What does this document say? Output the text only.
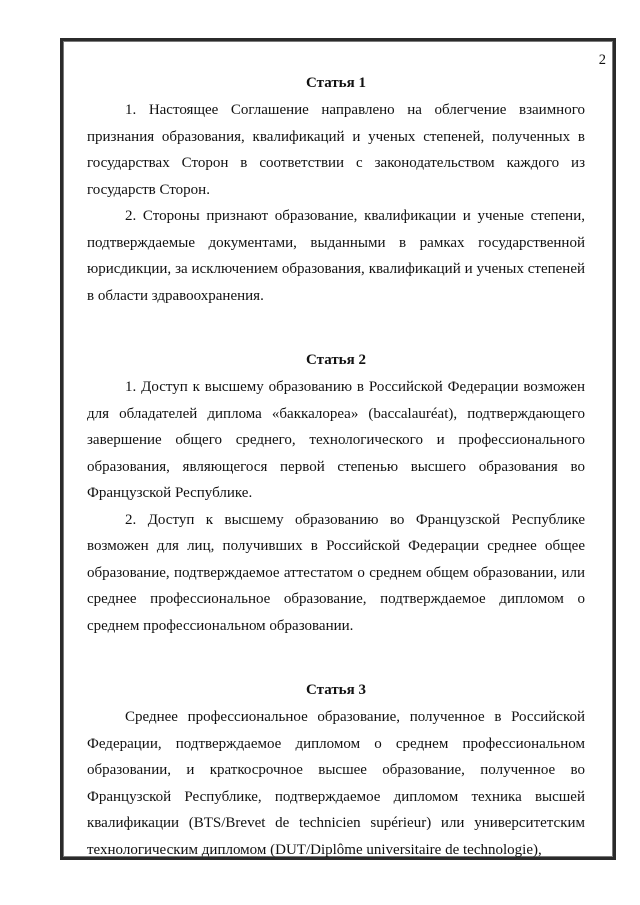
2
Статья 1

1. Настоящее Соглашение направлено на облегчение взаимного признания образования, квалификаций и ученых степеней, полученных в государствах Сторон в соответствии с законодательством каждого из государств Сторон.

2. Стороны признают образование, квалификации и ученые степени, подтверждаемые документами, выданными в рамках государственной юрисдикции, за исключением образования, квалификаций и ученых степеней в области здравоохранения.

Статья 2

1. Доступ к высшему образованию в Российской Федерации возможен для обладателей диплома «баккалореа» (baccalauréat), подтверждающего завершение общего среднего, технологического и профессионального образования, являющегося первой степенью высшего образования во Французской Республике.

2. Доступ к высшему образованию во Французской Республике возможен для лиц, получивших в Российской Федерации среднее общее образование, подтверждаемое аттестатом о среднем общем образовании, или среднее профессиональное образование, подтверждаемое дипломом о среднем профессиональном образовании.

Статья 3

Среднее профессиональное образование, полученное в Российской Федерации, подтверждаемое дипломом о среднем профессиональном образовании, и краткосрочное высшее образование, полученное во Французской Республике, подтверждаемое дипломом техника высшей квалификации (BTS/Brevet de technicien supérieur) или университетским технологическим дипломом (DUT/Diplôme universitaire de technologie),
